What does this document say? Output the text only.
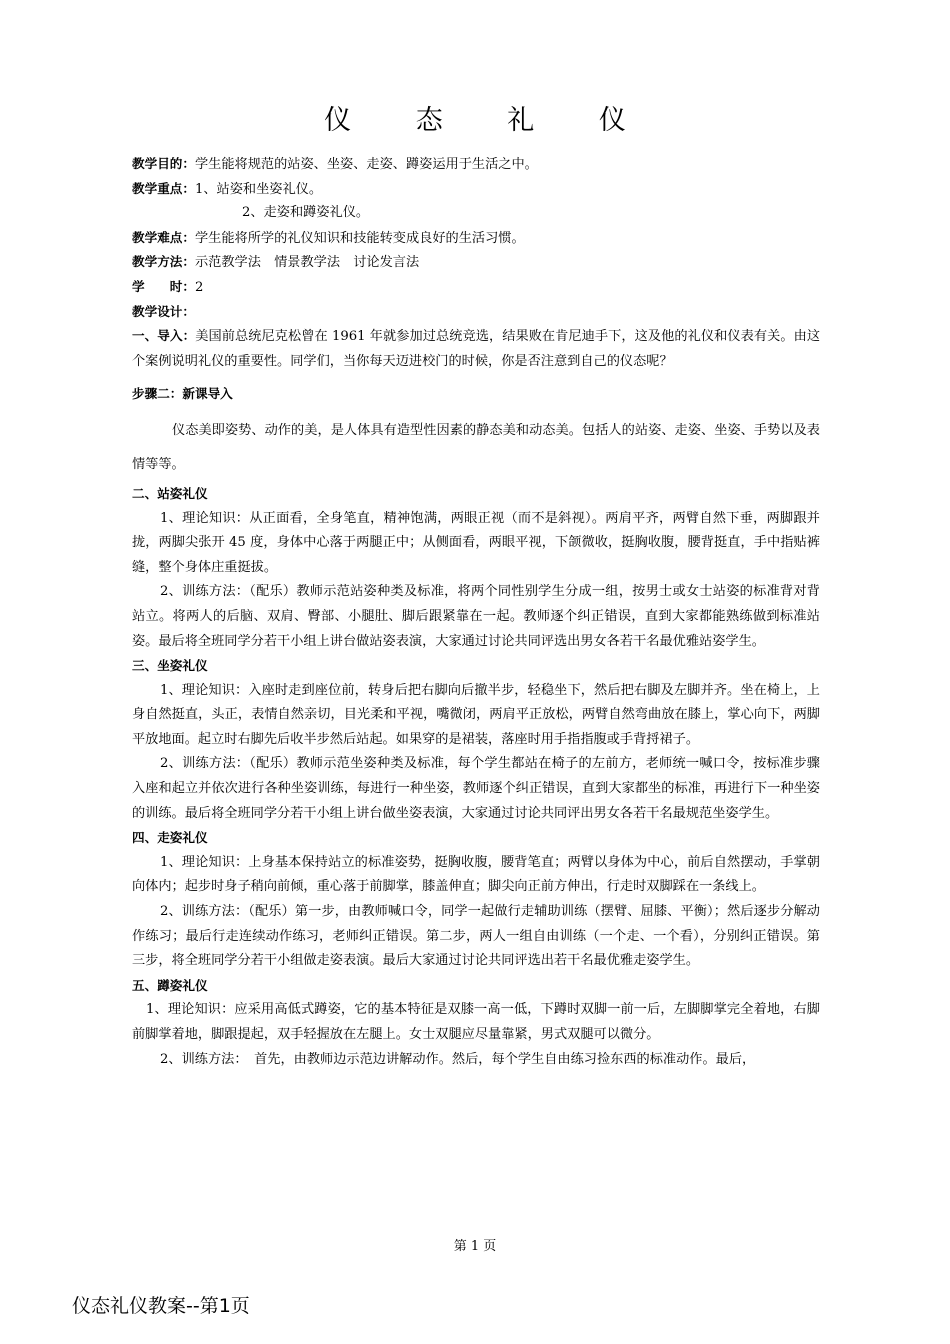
仪 态 礼 仪
教学目的：学生能将规范的站姿、坐姿、走姿、蹲姿运用于生活之中。
教学重点：1、站姿和坐姿礼仪。
2、走姿和蹲姿礼仪。
教学难点：学生能将所学的礼仪知识和技能转变成良好的生活习惯。
教学方法：示范教学法　情景教学法　讨论发言法
学　　时：2
教学设计：

一、导入：美国前总统尼克松曾在 1961 年就参加过总统竞选，结果败在肯尼迪手下，这及他的礼仪和仪表有关。由这个案例说明礼仪的重要性。同学们，当你每天迈进校门的时候，你是否注意到自己的仪态呢？

步骤二：新课导入

仪态美即姿势、动作的美，是人体具有造型性因素的静态美和动态美。包括人的站姿、走姿、坐姿、手势以及表情等等。

二、站姿礼仪

1、理论知识：从正面看，全身笔直，精神饱满，两眼正视（而不是斜视）。两肩平齐，两臂自然下垂，两脚跟并拢，两脚尖张开 45 度，身体中心落于两腿正中；从侧面看，两眼平视，下颌微收，挺胸收腹，腰背挺直，手中指贴裤缝，整个身体庄重挺拔。

2、训练方法：（配乐）教师示范站姿种类及标准，将两个同性别学生分成一组，按男士或女士站姿的标准背对背站立。将两人的后脑、双肩、臀部、小腿肚、脚后跟紧靠在一起。教师逐个纠正错误，直到大家都能熟练做到标准站姿。最后将全班同学分若干小组上讲台做站姿表演，大家通过讨论共同评选出男女各若干名最优雅站姿学生。

三、坐姿礼仪

1、理论知识：入座时走到座位前，转身后把右脚向后撤半步，轻稳坐下，然后把右脚及左脚并齐。坐在椅上，上身自然挺直，头正，表情自然亲切，目光柔和平视，嘴微闭，两肩平正放松，两臂自然弯曲放在膝上，掌心向下，两脚平放地面。起立时右脚先后收半步然后站起。如果穿的是裙装，落座时用手指指腹或手背捋裙子。

2、训练方法：（配乐）教师示范坐姿种类及标准，每个学生都站在椅子的左前方，老师统一喊口令，按标准步骤入座和起立并依次进行各种坐姿训练，每进行一种坐姿，教师逐个纠正错误，直到大家都坐的标准，再进行下一种坐姿的训练。最后将全班同学分若干小组上讲台做坐姿表演，大家通过讨论共同评出男女各若干名最规范坐姿学生。

四、走姿礼仪

1、理论知识：上身基本保持站立的标准姿势，挺胸收腹，腰背笔直；两臂以身体为中心，前后自然摆动，手掌朝向体内；起步时身子稍向前倾，重心落于前脚掌，膝盖伸直；脚尖向正前方伸出，行走时双脚踩在一条线上。

2、训练方法：（配乐）第一步，由教师喊口令，同学一起做行走辅助训练（摆臂、屈膝、平衡）；然后逐步分解动作练习；最后行走连续动作练习，老师纠正错误。第二步，两人一组自由训练（一个走、一个看），分别纠正错误。第三步，将全班同学分若干小组做走姿表演。最后大家通过讨论共同评选出若干名最优雅走姿学生。

五、蹲姿礼仪

1、理论知识：应采用高低式蹲姿，它的基本特征是双膝一高一低，下蹲时双脚一前一后，左脚脚掌完全着地，右脚前脚掌着地，脚跟提起，双手轻握放在左腿上。女士双腿应尽量靠紧，男式双腿可以微分。

2、训练方法：　首先，由教师边示范边讲解动作。然后，每个学生自由练习捡东西的标准动作。最后，

第 1 页
仪态礼仪教案--第1页
